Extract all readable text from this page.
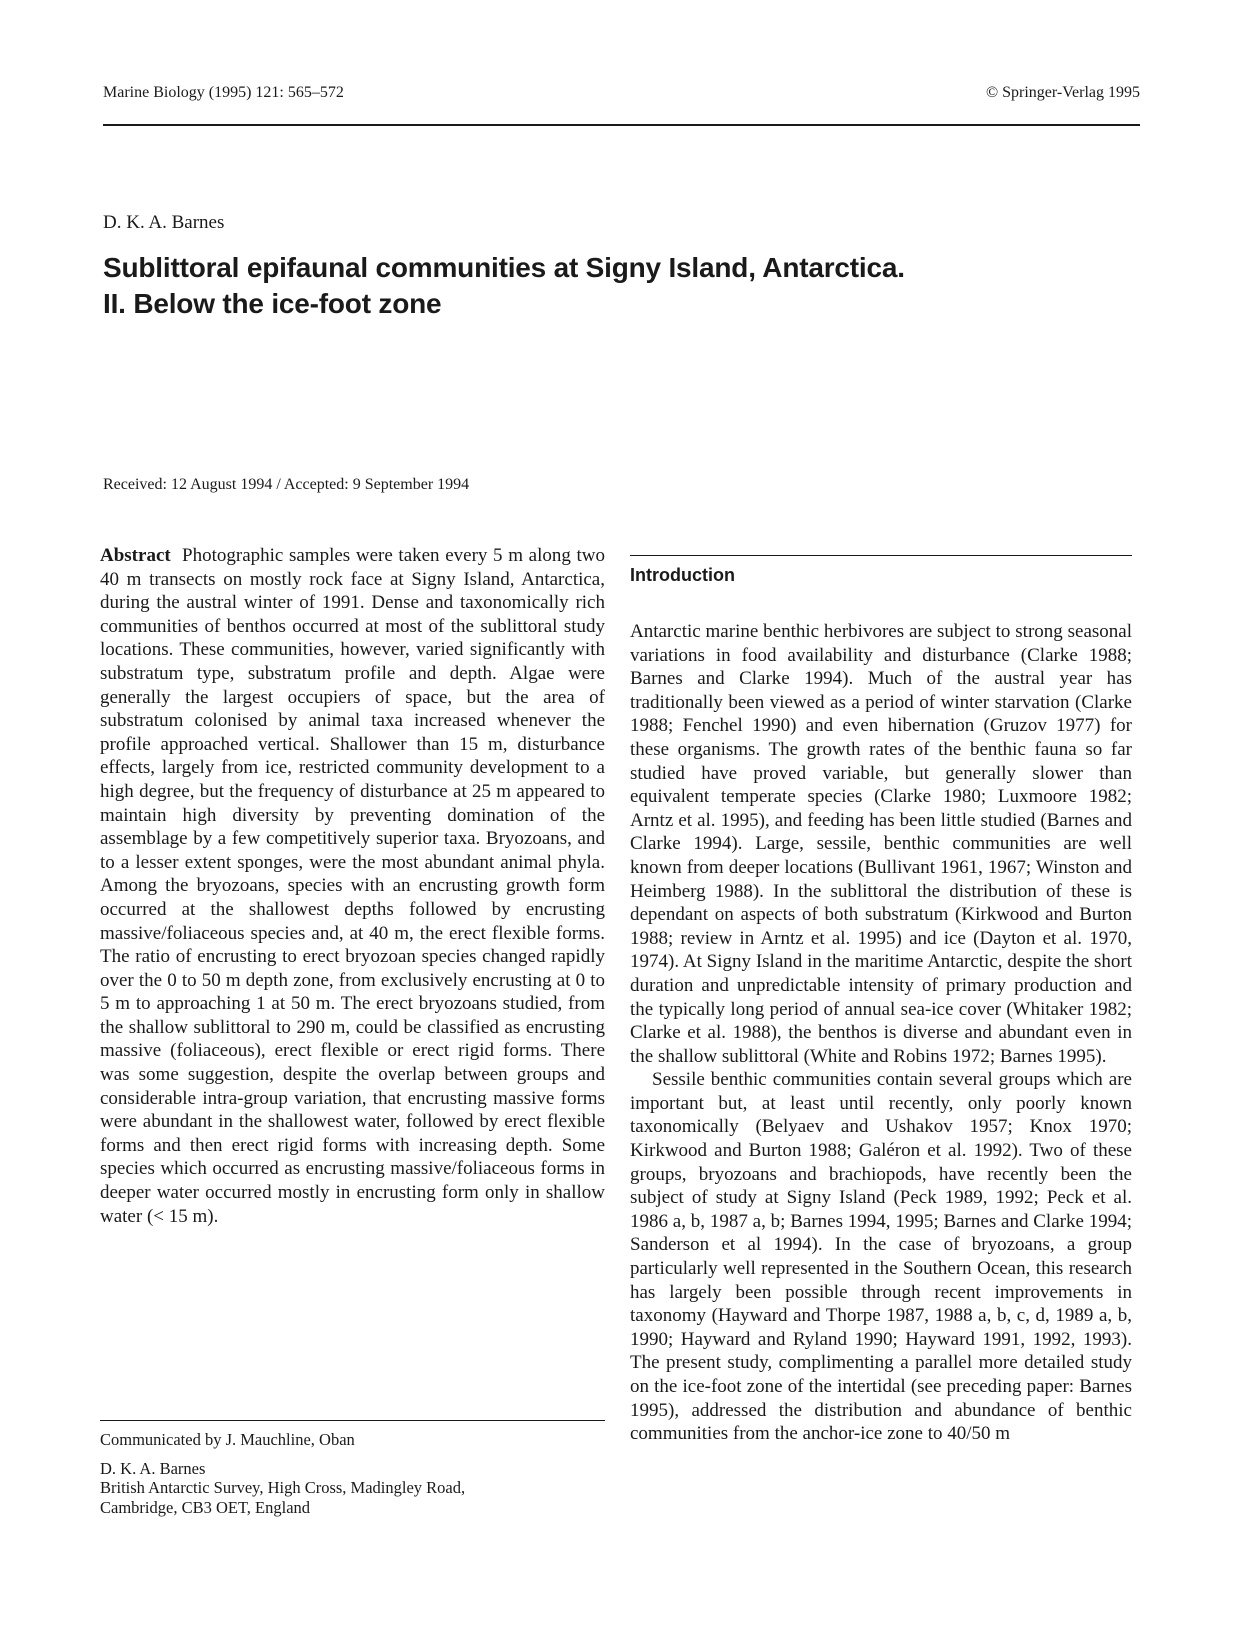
Marine Biology (1995) 121: 565–572	© Springer-Verlag 1995
D. K. A. Barnes
Sublittoral epifaunal communities at Signy Island, Antarctica.
II. Below the ice-foot zone
Received: 12 August 1994 / Accepted: 9 September 1994

Abstract Photographic samples were taken every 5 m along two 40 m transects on mostly rock face at Signy Island, Antarctica, during the austral winter of 1991. Dense and taxonomically rich communities of benthos occurred at most of the sublittoral study locations. These communities, however, varied significantly with substratum type, substratum profile and depth. Algae were generally the largest occupiers of space, but the area of substratum colonised by animal taxa increased whenever the profile approached vertical. Shallower than 15 m, disturbance effects, largely from ice, restricted community development to a high degree, but the frequency of disturbance at 25 m appeared to maintain high diversity by preventing domination of the assemblage by a few competitively superior taxa. Bryozoans, and to a lesser extent sponges, were the most abundant animal phyla. Among the bryozoans, species with an encrusting growth form occurred at the shallowest depths followed by encrusting massive/foliaceous species and, at 40 m, the erect flexible forms. The ratio of encrusting to erect bryozoan species changed rapidly over the 0 to 50 m depth zone, from exclusively encrusting at 0 to 5 m to approaching 1 at 50 m. The erect bryozoans studied, from the shallow sublittoral to 290 m, could be classified as encrusting massive (foliaceous), erect flexible or erect rigid forms. There was some suggestion, despite the overlap between groups and considerable intra-group variation, that encrusting massive forms were abundant in the shallowest water, followed by erect flexible forms and then erect rigid forms with increasing depth. Some species which occurred as encrusting massive/foliaceous forms in deeper water occurred mostly in encrusting form only in shallow water (< 15 m).

Communicated by J. Mauchline, Oban
D. K. A. Barnes
British Antarctic Survey, High Cross, Madingley Road,
Cambridge, CB3 OET, England
Introduction

Antarctic marine benthic herbivores are subject to strong seasonal variations in food availability and disturbance (Clarke 1988; Barnes and Clarke 1994). Much of the austral year has traditionally been viewed as a period of winter starvation (Clarke 1988; Fenchel 1990) and even hibernation (Gruzov 1977) for these organisms. The growth rates of the benthic fauna so far studied have proved variable, but generally slower than equivalent temperate species (Clarke 1980; Luxmoore 1982; Arntz et al. 1995), and feeding has been little studied (Barnes and Clarke 1994). Large, sessile, benthic communities are well known from deeper locations (Bullivant 1961, 1967; Winston and Heimberg 1988). In the sublittoral the distribution of these is dependant on aspects of both substratum (Kirkwood and Burton 1988; review in Arntz et al. 1995) and ice (Dayton et al. 1970, 1974). At Signy Island in the maritime Antarctic, despite the short duration and unpredictable intensity of primary production and the typically long period of annual sea-ice cover (Whitaker 1982; Clarke et al. 1988), the benthos is diverse and abundant even in the shallow sublittoral (White and Robins 1972; Barnes 1995).

Sessile benthic communities contain several groups which are important but, at least until recently, only poorly known taxonomically (Belyaev and Ushakov 1957; Knox 1970; Kirkwood and Burton 1988; Galéron et al. 1992). Two of these groups, bryozoans and brachiopods, have recently been the subject of study at Signy Island (Peck 1989, 1992; Peck et al. 1986 a, b, 1987 a, b; Barnes 1994, 1995; Barnes and Clarke 1994; Sanderson et al 1994). In the case of bryozoans, a group particularly well represented in the Southern Ocean, this research has largely been possible through recent improvements in taxonomy (Hayward and Thorpe 1987, 1988 a, b, c, d, 1989 a, b, 1990; Hayward and Ryland 1990; Hayward 1991, 1992, 1993). The present study, complimenting a parallel more detailed study on the ice-foot zone of the intertidal (see preceding paper: Barnes 1995), addressed the distribution and abundance of benthic communities from the anchor-ice zone to 40/50 m
